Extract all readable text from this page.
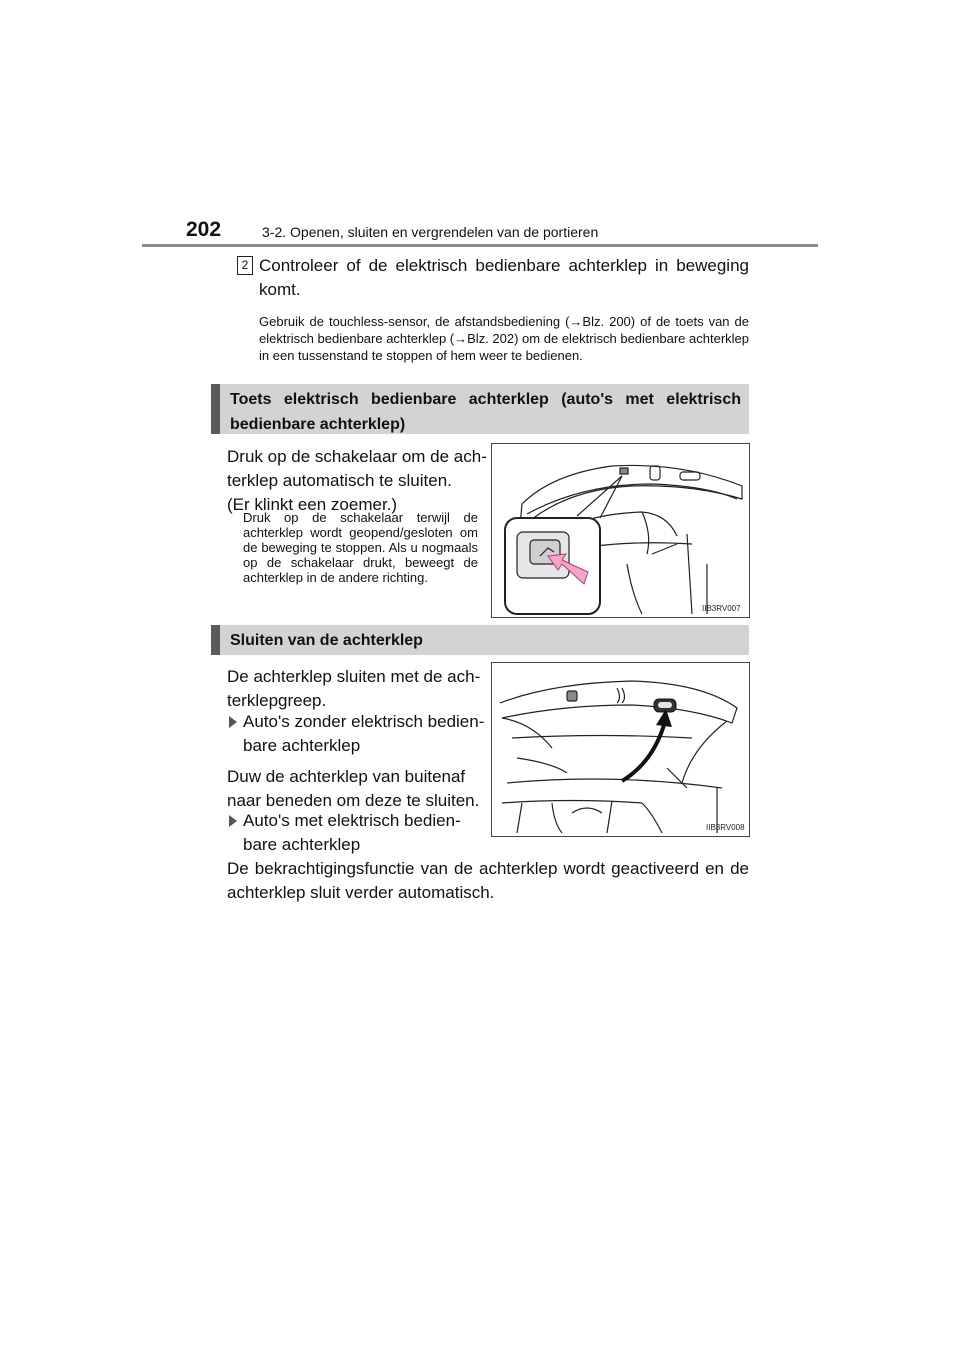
202	3-2. Openen, sluiten en vergrendelen van de portieren
2 Controleer of de elektrisch bedienbare achterklep in beweging komt.
Gebruik de touchless-sensor, de afstandsbediening (→Blz. 200) of de toets van de elektrisch bedienbare achterklep (→Blz. 202) om de elektrisch bedienbare achterklep in een tussenstand te stoppen of hem weer te bedienen.
Toets elektrisch bedienbare achterklep (auto's met elektrisch bedienbare achterklep)
Druk op de schakelaar om de ach-
terklep automatisch te sluiten.
(Er klinkt een zoemer.)
Druk op de schakelaar terwijl de achterklep wordt geopend/gesloten om de beweging te stoppen. Als u nogmaals op de schakelaar drukt, beweegt de achterklep in de andere richting.
IIB3RV007
Sluiten van de achterklep
De achterklep sluiten met de ach-
terklepgreep.
Auto's zonder elektrisch bedien-
bare achterklep
Duw de achterklep van buitenaf
naar beneden om deze te sluiten.
Auto's met elektrisch bedien-
bare achterklep
De bekrachtigingsfunctie van de achterklep wordt geactiveerd en de achterklep sluit verder automatisch.
IIB3RV008
